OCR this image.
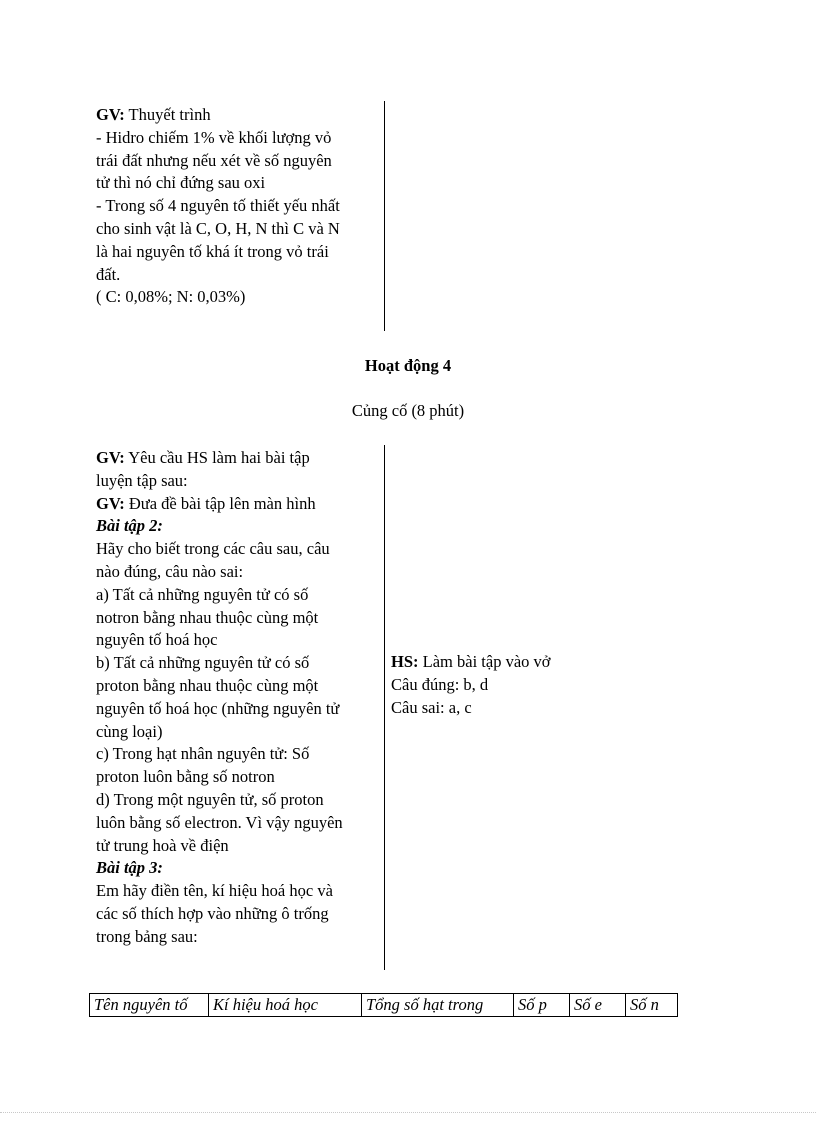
GV: Thuyết trình
- Hidro chiếm 1% về khối lượng vỏ
trái đất nhưng nếu xét về số nguyên
tử thì nó chỉ đứng sau oxi
- Trong số 4 nguyên tố thiết yếu nhất
cho sinh vật là C, O, H, N thì C và N
là hai nguyên tố khá ít trong vỏ trái
đất.
( C: 0,08%; N: 0,03%)
Hoạt động 4
Củng cố (8 phút)
GV: Yêu cầu HS làm hai bài tập
luyện tập sau:
GV: Đưa đề bài tập lên màn hình
Bài tập 2:
Hãy cho biết trong các câu sau, câu
nào đúng, câu nào sai:
a) Tất cả những nguyên tử có số
notron bằng nhau thuộc cùng một
nguyên tố hoá học
b) Tất cả những nguyên tử có số
proton bằng nhau thuộc cùng một
nguyên tố hoá học (những nguyên tử
cùng loại)
c) Trong hạt nhân nguyên tử: Số
proton luôn bằng số notron
d) Trong một nguyên tử, số proton
luôn bằng số electron. Vì vậy nguyên
tử trung hoà về điện
Bài tập 3:
Em hãy điền tên, kí hiệu hoá học và
các số thích hợp vào những ô trống
trong bảng sau:
HS: Làm bài tập vào vở
Câu đúng: b, d
Câu sai: a, c
Tên nguyên tố	Kí hiệu hoá học	Tổng số hạt trong	Số p	Số e	Số n
